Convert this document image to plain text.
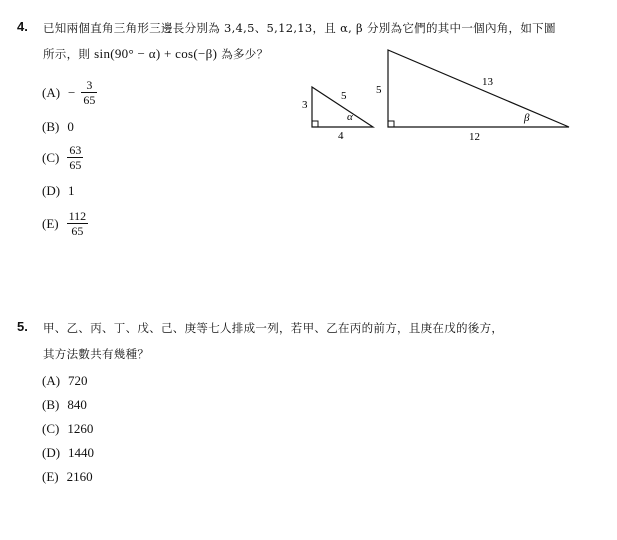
4. 已知兩個直角三角形三邊長分別為 3,4,5、5,12,13，且 α, β 分別為它們的其中一個內角，如下圖
所示，則 sin(90° − α) + cos(−β) 為多少？
$(A) - \frac{3}{65}$
(B) 0
$(C) \frac{63}{65}$
(D) 1
$(E) \frac{112}{65}$
3
4
5
α
5
12
13
β
5. 甲、乙、丙、丁、戊、己、庚等七人排成一列，若甲、乙在丙的前方，且庚在戊的後方，
其方法數共有幾種？
(A) 720
(B) 840
(C) 1260
(D) 1440
(E) 2160
